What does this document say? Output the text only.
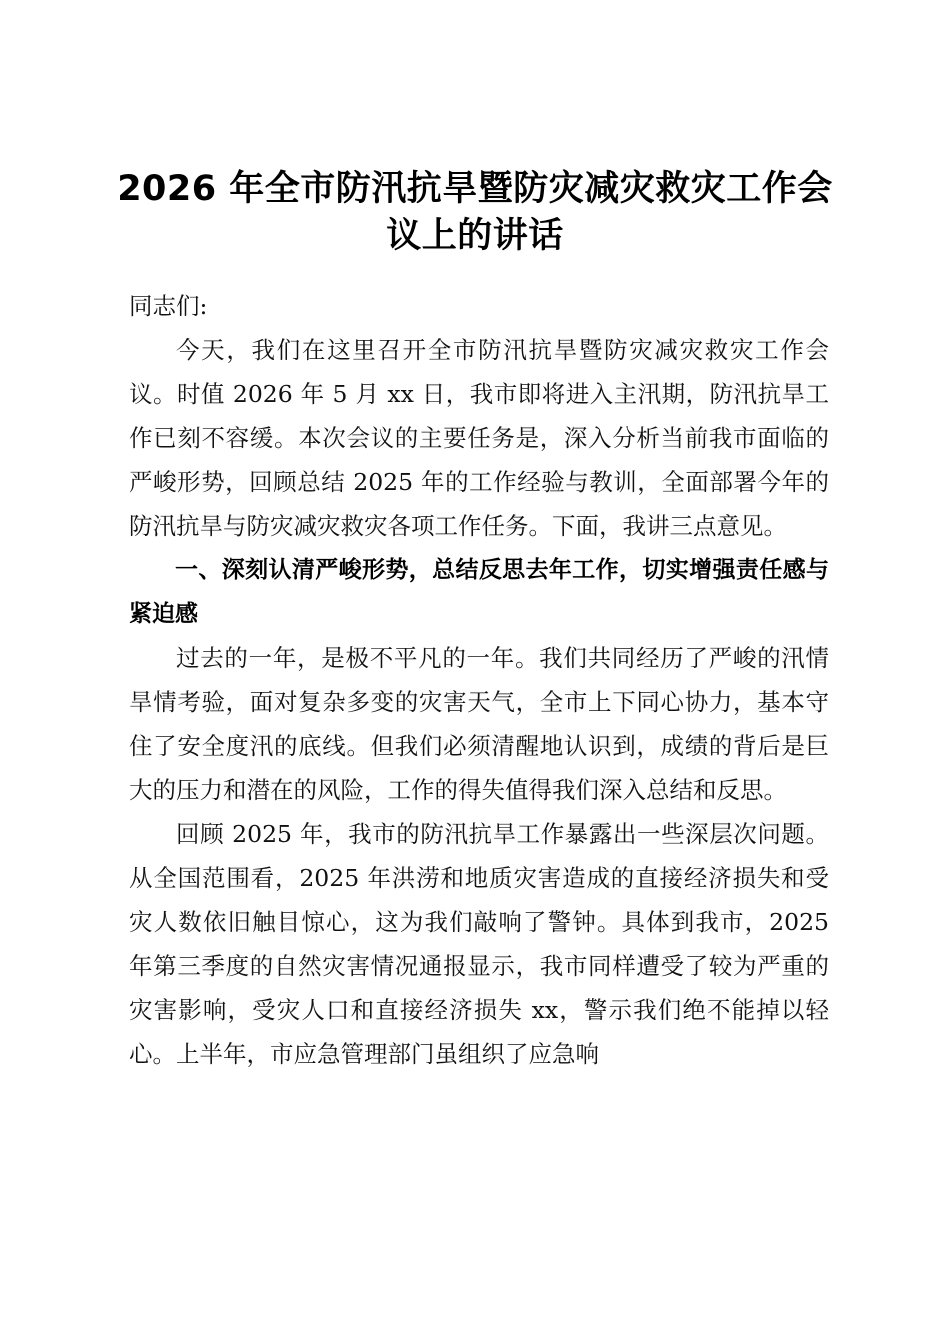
2026 年全市防汛抗旱暨防灾减灾救灾工作会议上的讲话

同志们:

今天，我们在这里召开全市防汛抗旱暨防灾减灾救灾工作会议。时值 2026 年 5 月 xx 日，我市即将进入主汛期，防汛抗旱工作已刻不容缓。本次会议的主要任务是，深入分析当前我市面临的严峻形势，回顾总结 2025 年的工作经验与教训，全面部署今年的防汛抗旱与防灾减灾救灾各项工作任务。下面，我讲三点意见。

一、深刻认清严峻形势，总结反思去年工作，切实增强责任感与紧迫感

过去的一年，是极不平凡的一年。我们共同经历了严峻的汛情旱情考验，面对复杂多变的灾害天气，全市上下同心协力，基本守住了安全度汛的底线。但我们必须清醒地认识到，成绩的背后是巨大的压力和潜在的风险，工作的得失值得我们深入总结和反思。

回顾 2025 年，我市的防汛抗旱工作暴露出一些深层次问题。从全国范围看，2025 年洪涝和地质灾害造成的直接经济损失和受灾人数依旧触目惊心，这为我们敲响了警钟。具体到我市，2025 年第三季度的自然灾害情况通报显示，我市同样遭受了较为严重的灾害影响，受灾人口和直接经济损失 xx，警示我们绝不能掉以轻心。上半年，市应急管理部门虽组织了应急响
